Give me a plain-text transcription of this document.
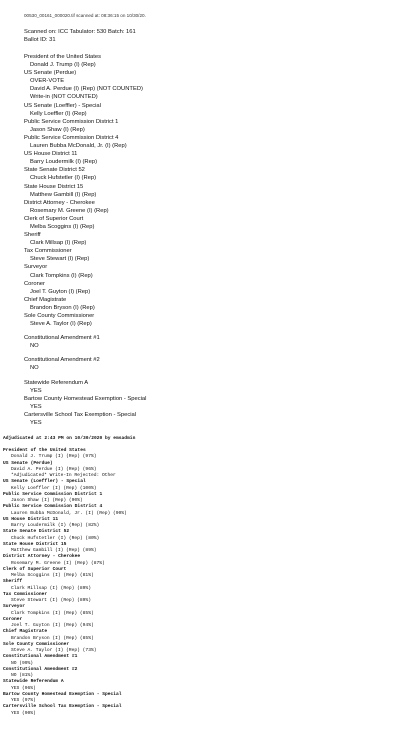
00530_00161_000020.tif scanned at: 08:36:15 on 10/30/20.
Scanned on: ICC Tabulator: 530 Batch: 161
Ballot ID: 31
President of the United States
Donald J. Trump (I) (Rep)
US Senate (Perdue)
OVER-VOTE
David A. Perdue (I) (Rep) (NOT COUNTED)
Write-in (NOT COUNTED)
US Senate (Loeffler) - Special
Kelly Loeffler (I) (Rep)
Public Service Commission District 1
Jason Shaw (I) (Rep)
Public Service Commission District 4
Lauren Bubba McDonald, Jr. (I) (Rep)
US House District 11
Barry Loudermilk (I) (Rep)
State Senate District 52
Chuck Hufstetler (I) (Rep)
State House District 15
Matthew Gambill (I) (Rep)
District Attorney - Cherokee
Rosemary M. Greene (I) (Rep)
Clerk of Superior Court
Melba Scoggins (I) (Rep)
Sheriff
Clark Millsap (I) (Rep)
Tax Commissioner
Steve Stewart (I) (Rep)
Surveyor
Clark Tompkins (I) (Rep)
Coroner
Joel T. Guyton (I) (Rep)
Chief Magistrate
Brandon Bryson (I) (Rep)
Sole County Commissioner
Steve A. Taylor (I) (Rep)
Constitutional Amendment #1
NO
Constitutional Amendment #2
NO
Statewide Referendum A
YES
Bartow County Homestead Exemption - Special
YES
Cartersville School Tax Exemption - Special
YES
Adjudicated at 2:43 PM on 10/30/2020 by emsadmin
President of the United States
Donald J. Trump (I) (Rep) (97%)
US Senate (Perdue)
David A. Perdue (I) (Rep) (96%)
*Adjudicated* Write-In Rejected: Other
US Senate (Loeffler) - Special
Kelly Loeffler (I) (Rep) (100%)
Public Service Commission District 1
Jason Shaw (I) (Rep) (90%)
Public Service Commission District 4
Lauren Bubba McDonald, Jr. (I) (Rep) (90%)
US House District 11
Barry Loudermilk (I) (Rep) (82%)
State Senate District 52
Chuck Hufstetler (I) (Rep) (80%)
State House District 15
Matthew Gambill (I) (Rep) (89%)
District Attorney - Cherokee
Rosemary M. Greene (I) (Rep) (87%)
Clerk of Superior Court
Melba Scoggins (I) (Rep) (81%)
Sheriff
Clark Millsap (I) (Rep) (89%)
Tax Commissioner
Steve Stewart (I) (Rep) (89%)
Surveyor
Clark Tompkins (I) (Rep) (85%)
Coroner
Joel T. Guyton (I) (Rep) (94%)
Chief Magistrate
Brandon Bryson (I) (Rep) (85%)
Sole County Commissioner
Steve A. Taylor (I) (Rep) (73%)
Constitutional Amendment #1
NO (99%)
Constitutional Amendment #2
NO (81%)
Statewide Referendum A
YES (96%)
Bartow County Homestead Exemption - Special
YES (97%)
Cartersville School Tax Exemption - Special
YES (90%)
